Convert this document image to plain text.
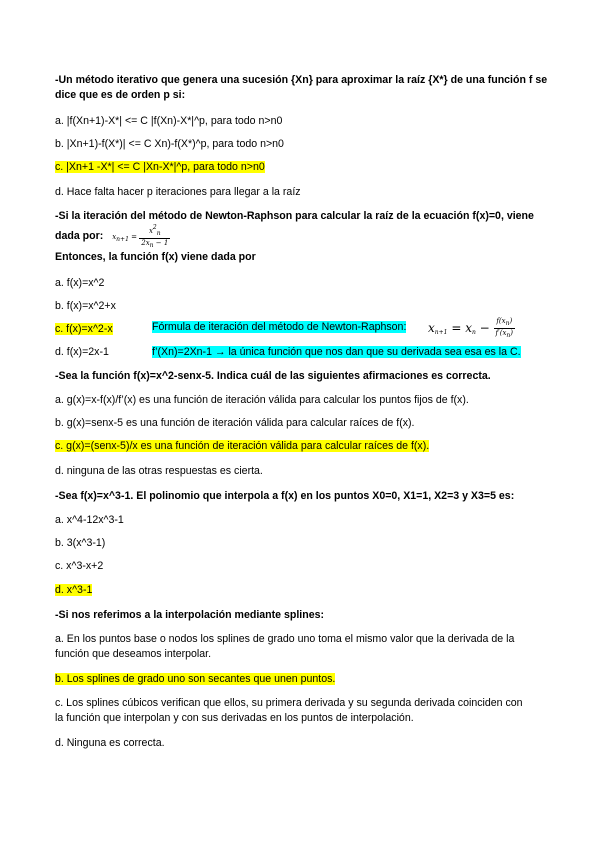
-Un método iterativo que genera una sucesión {Xn} para aproximar la raíz {X*} de una función f se
dice que es de orden p si:
a. |f(Xn+1)-X*| <= C |f(Xn)-X*|^p, para todo n>n0
b. |Xn+1)-f(X*)| <= C Xn)-f(X*)^p, para todo n>n0
c. |Xn+1 -X*| <= C |Xn-X*|^p, para todo n>n0
d. Hace falta hacer p iteraciones para llegar a la raíz
-Si la iteración del método de Newton-Raphson para calcular la raíz de la ecuación f(x)=0, viene
dada por: $xn+1 = \frac{x2n}{2xn - 1}$
Entonces, la función f(x) viene dada por
a. f(x)=x^2
b. f(x)=x^2+x
c. f(x)=x^2-x	Fórmula de iteración del método de Newton-Raphson: $x_{n+1} = x_n - \frac{f(xn)}{f'(xn)}$
d. f(x)=2x-1	f’(Xn)=2Xn-1 → la única función que nos dan que su derivada sea esa es la C.
-Sea la función f(x)=x^2-senx-5. Indica cuál de las siguientes afirmaciones es correcta.
a. g(x)=x-f(x)/f’(x) es una función de iteración válida para calcular los puntos fijos de f(x).
b. g(x)=senx-5 es una función de iteración válida para calcular raíces de f(x).
c. g(x)=(senx-5)/x es una función de iteración válida para calcular raíces de f(x).
d. ninguna de las otras respuestas es cierta.
-Sea f(x)=x^3-1. El polinomio que interpola a f(x) en los puntos X0=0, X1=1, X2=3 y X3=5 es:
a. x^4-12x^3-1
b. 3(x^3-1)
c. x^3-x+2
d. x^3-1
-Si nos referimos a la interpolación mediante splines:
a. En los puntos base o nodos los splines de grado uno toma el mismo valor que la derivada de la
función que deseamos interpolar.
b. Los splines de grado uno son secantes que unen puntos.
c. Los splines cúbicos verifican que ellos, su primera derivada y su segunda derivada coinciden con
la función que interpolan y con sus derivadas en los puntos de interpolación.
d. Ninguna es correcta.
